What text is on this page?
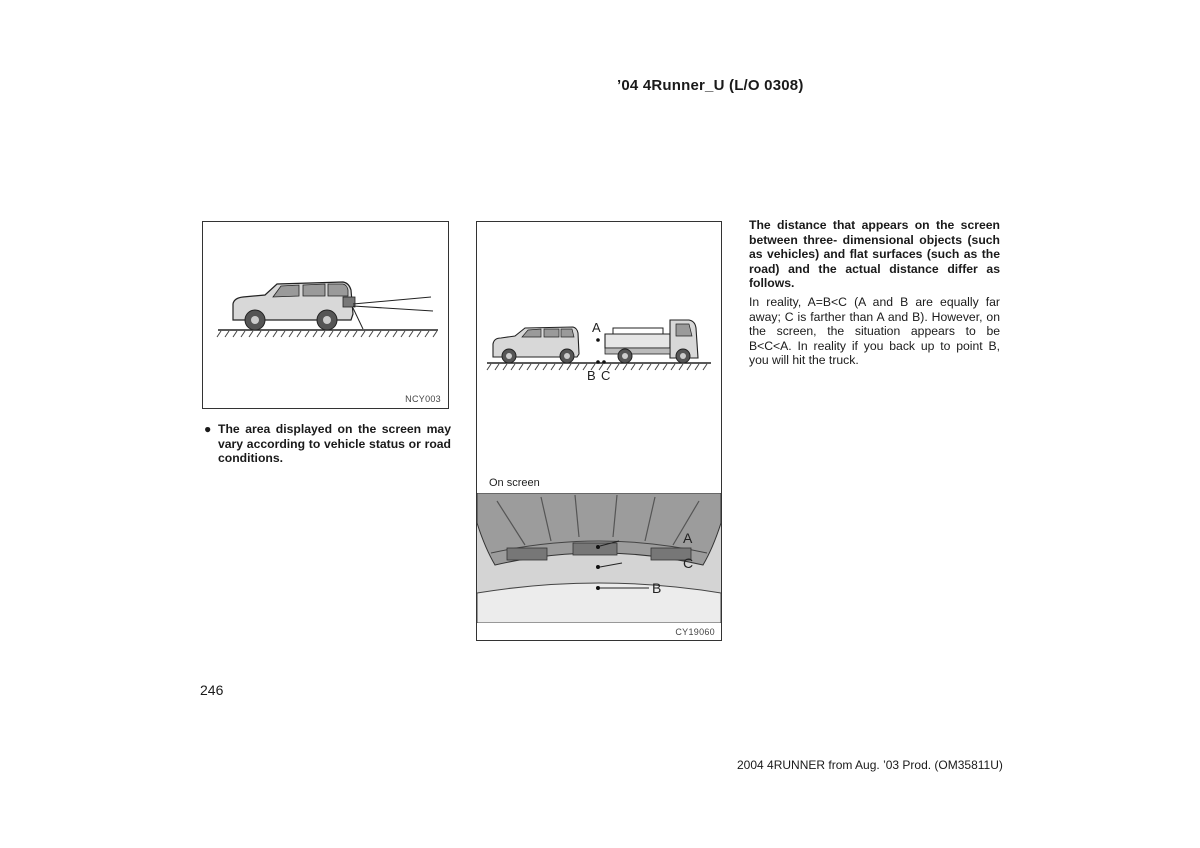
’04 4Runner_U (L/O 0308)
NCY003
A
B C
On screen
A
C
B
CY19060
● The area displayed on the screen may vary according to vehicle status or road conditions.
The distance that appears on the screen between three- dimensional objects (such as vehicles) and flat surfaces (such as the road) and the actual distance differ as follows.
In reality, A=B<C (A and B are equally far away; C is farther than A and B). However, on the screen, the situation appears to be B<C<A. In reality if you back up to point B, you will hit the truck.
246
2004 4RUNNER from Aug. ’03 Prod. (OM35811U)
